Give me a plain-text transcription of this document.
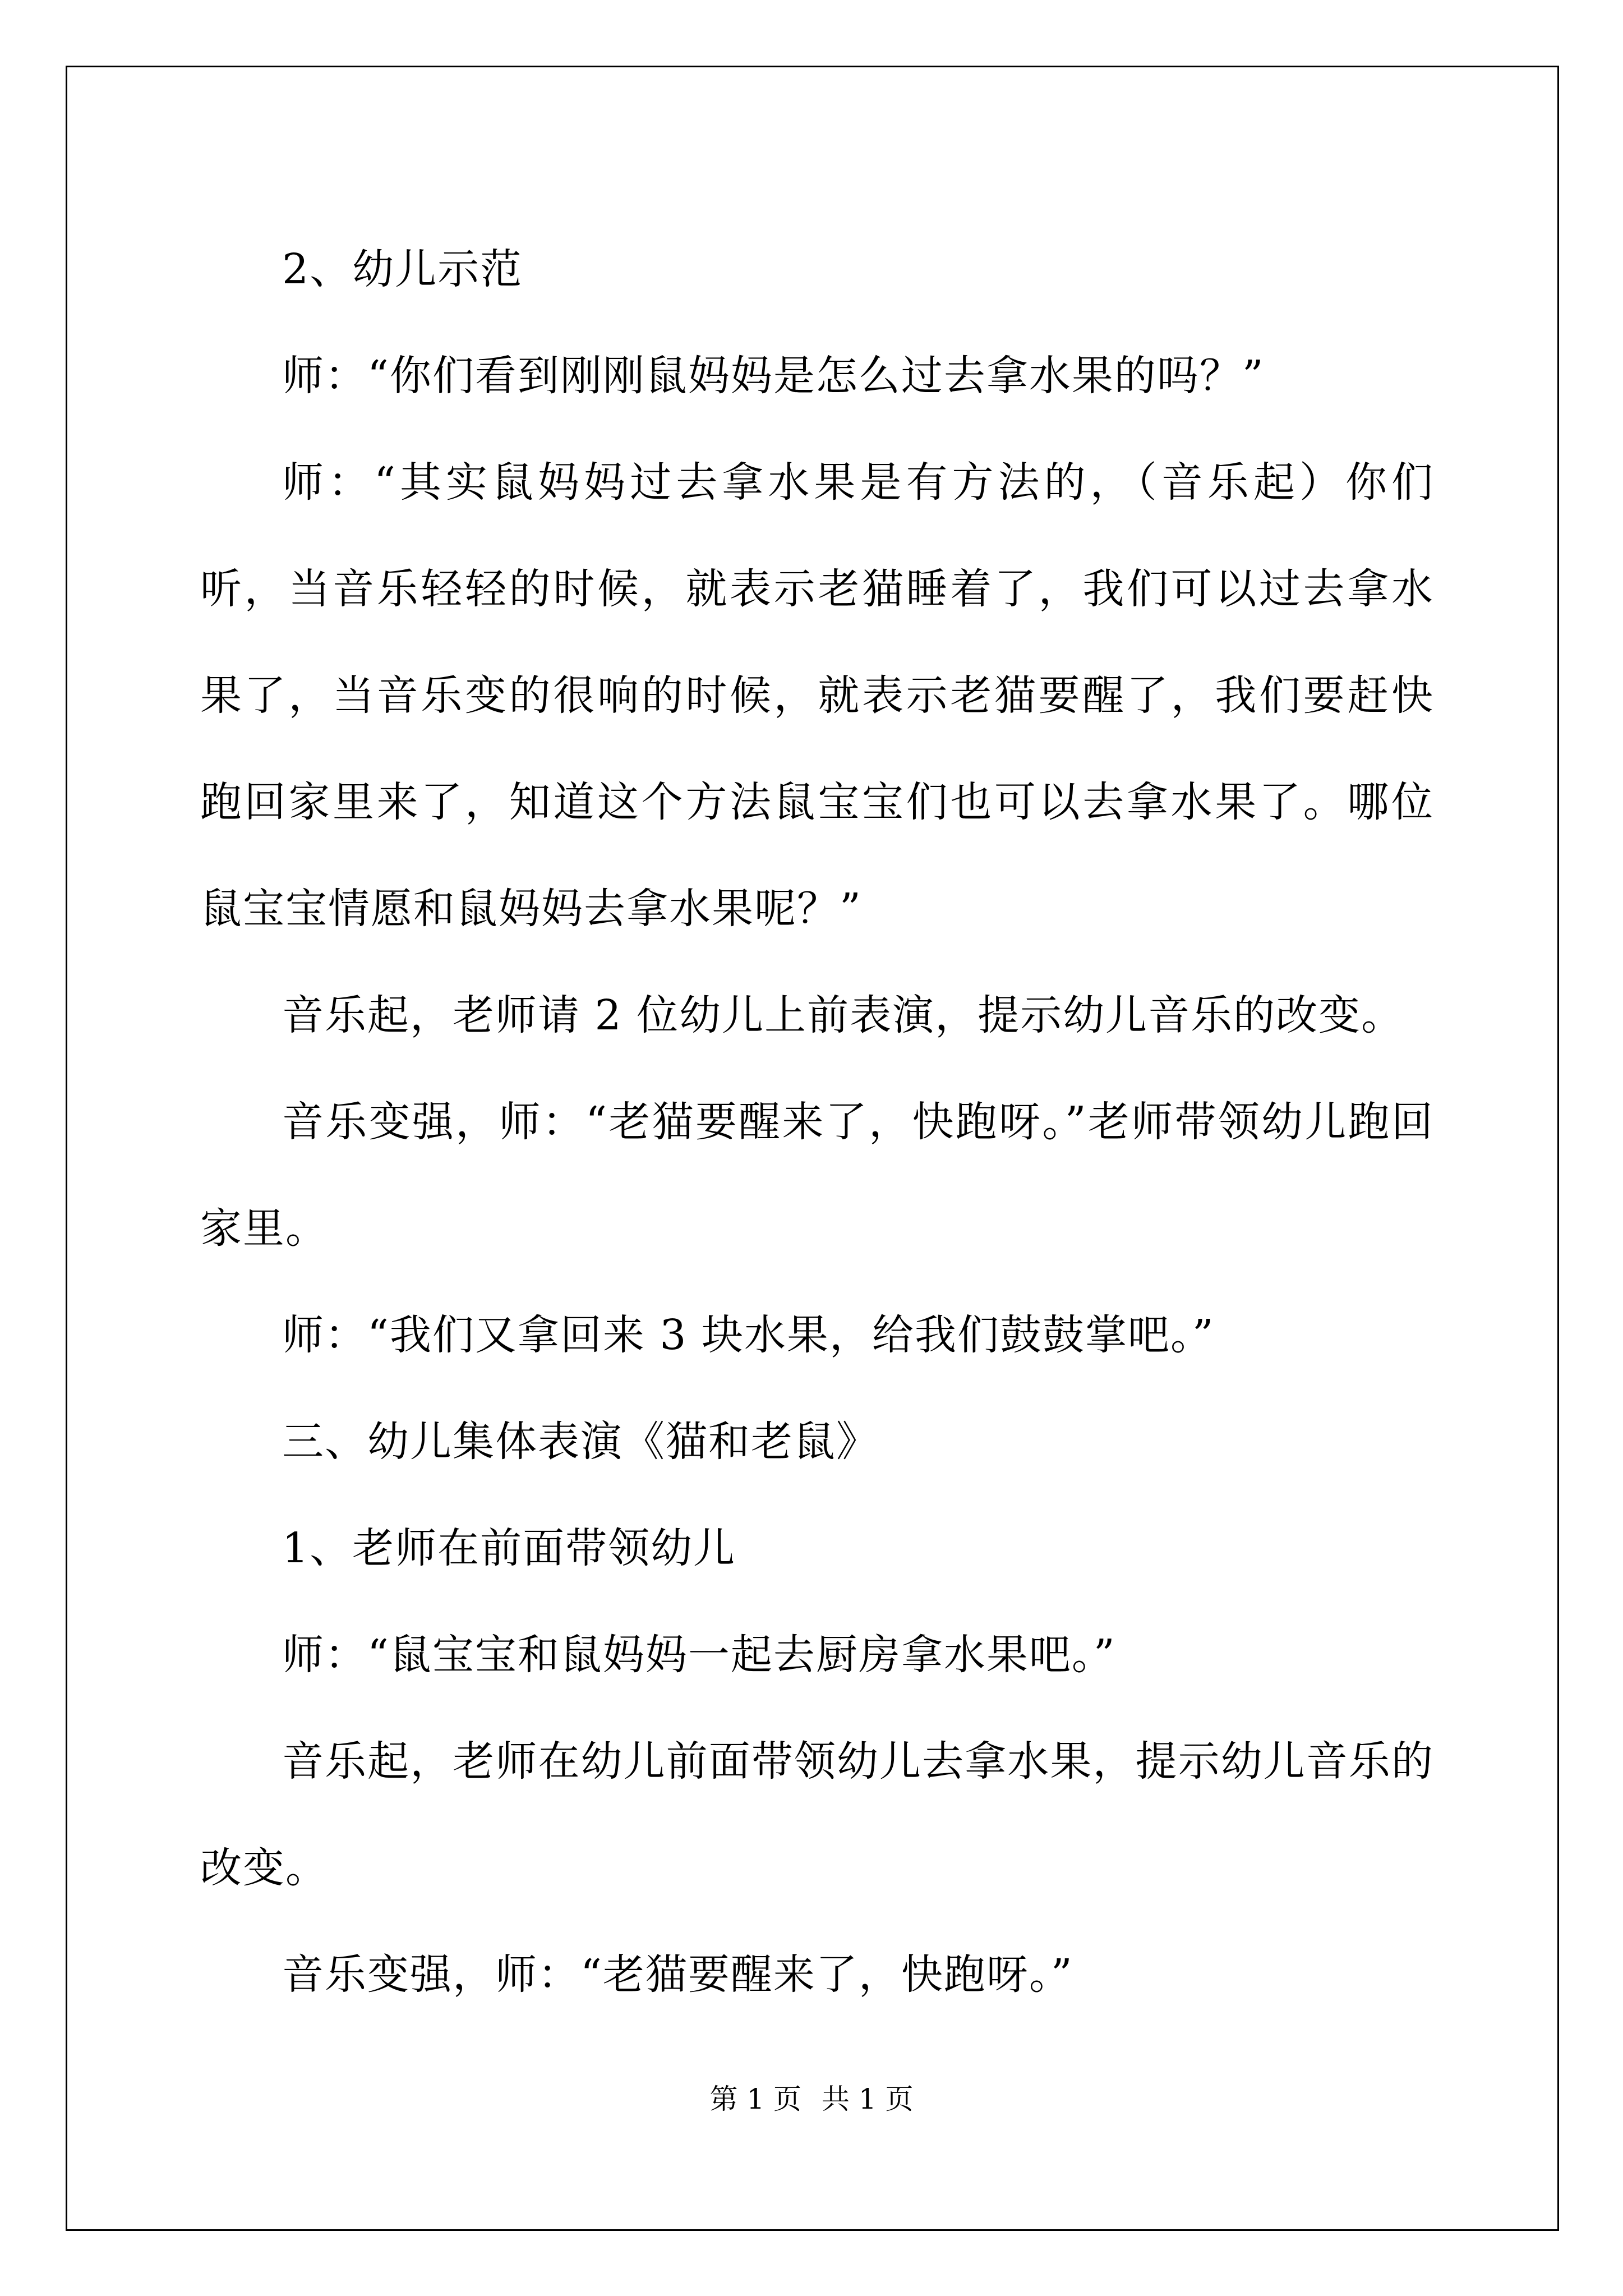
2、幼儿示范

师：“你们看到刚刚鼠妈妈是怎么过去拿水果的吗？”

师：“其实鼠妈妈过去拿水果是有方法的，（音乐起）你们听，当音乐轻轻的时候，就表示老猫睡着了，我们可以过去拿水果了，当音乐变的很响的时候，就表示老猫要醒了，我们要赶快跑回家里来了，知道这个方法鼠宝宝们也可以去拿水果了。哪位鼠宝宝情愿和鼠妈妈去拿水果呢？”

音乐起，老师请 2 位幼儿上前表演，提示幼儿音乐的改变。

音乐变强，师：“老猫要醒来了，快跑呀。”老师带领幼儿跑回家里。

师：“我们又拿回来 3 块水果，给我们鼓鼓掌吧。”

三、幼儿集体表演《猫和老鼠》

1、老师在前面带领幼儿

师：“鼠宝宝和鼠妈妈一起去厨房拿水果吧。”

音乐起，老师在幼儿前面带领幼儿去拿水果，提示幼儿音乐的改变。

音乐变强，师：“老猫要醒来了，快跑呀。”

第 1 页 共 1 页
